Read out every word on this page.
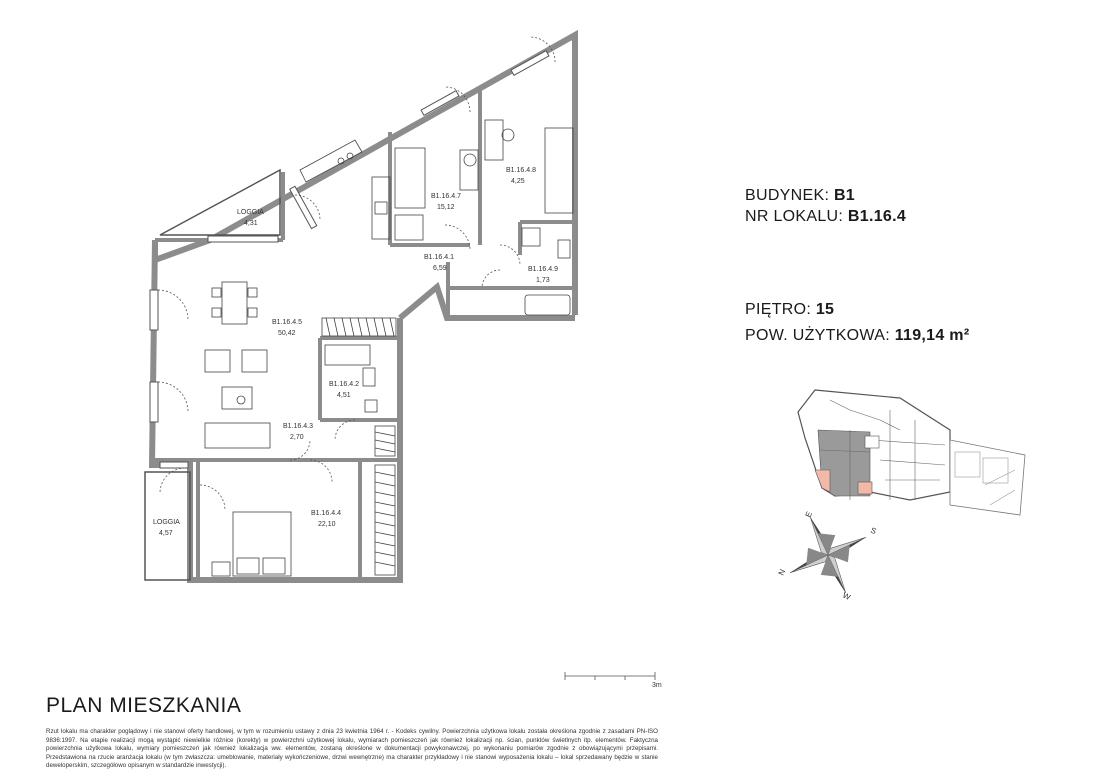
E
S
N
W
B1.16.4.7
15,12
B1.16.4.8
4,25
B1.16.4.1
6,59	B1.16.4.9
1,73
B1.16.4.5
50,42
B1.16.4.2
4,51
B1.16.4.3
2,70
B1.16.4.4
22,10
LOGGIA
4,31
LOGGIA
4,57
3m
BUDYNEK: B1
NR LOKALU: B1.16.4
PIĘTRO: 15
POW. UŻYTKOWA: 119,14 m²
PLAN MIESZKANIA
Rzut lokalu ma charakter poglądowy i nie stanowi oferty handlowej, w tym w rozumieniu ustawy z dnia 23 kwietnia 1964 r. - Kodeks cywilny. Powierzchnia użytkowa lokalu została określona zgodnie z zasadami PN-ISO 9836:1997. Na etapie realizacji mogą wystąpić niewielkie różnice (korekty) w powierzchni użytkowej lokalu, wymiarach pomieszczeń jak również lokalizacji np. ścian, punktów świetlnych itp. elementów. Faktyczna powierzchnia użytkowa lokalu, wymiary pomieszczeń jak również lokalizacja ww. elementów, zostaną określone w dokumentacji powykonawczej, po wykonaniu pomiarów zgodnie z obowiązującymi przepisami. Przedstawiona na rzucie aranżacja lokalu (w tym zwłaszcza: umeblowanie, materiały wykończeniowe, drzwi wewnętrzne) ma charakter przykładowy i nie stanowi wyposażenia lokalu – lokal sprzedawany będzie w stanie deweloperskim, szczegółowo opisanym w standardzie inwestycji).
